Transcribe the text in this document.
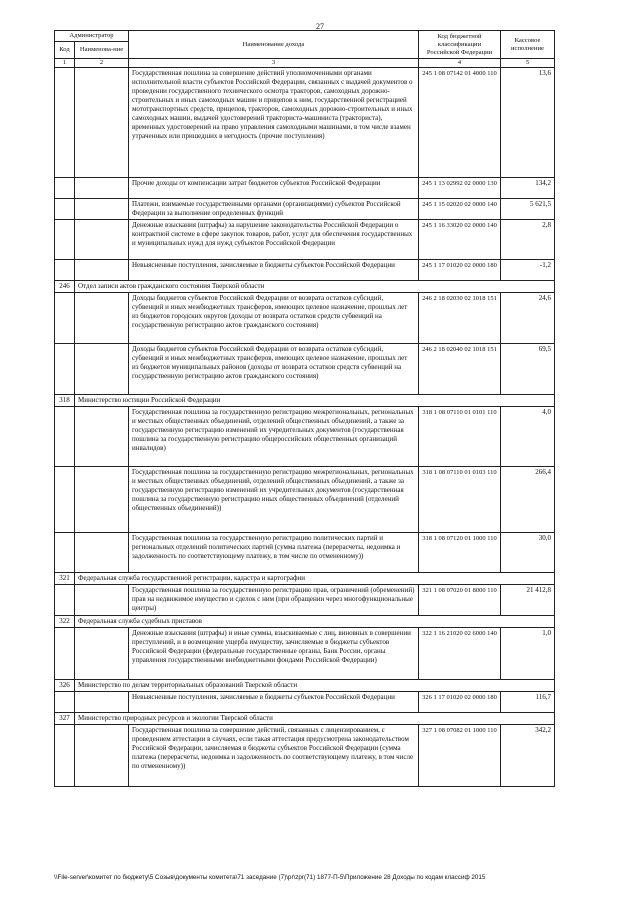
27
Администратор		Наименование дохода	Код бюджетной классификации Российской Федерации	Кассовое исполнение
Код	Наименова-ние			
1	2	3	4	5
		Государственная пошлина за совершение действий уполномоченными органами исполнительной власти субъектов Российской Федерации, связанных с выдачей документов о проведении государственного технического осмотра тракторов, самоходных дорожно-строительных и иных самоходных машин и прицепов к ним, государственной регистрацией мототранспортных средств, прицепов, тракторов, самоходных дорожно-строительных и иных самоходных машин, выдачей удостоверений тракториста-машиниста (тракториста), временных удостоверений на право управления самоходными машинами, в том числе взамен утраченных или пришедших в негодность (прочие поступления)	245 1 08 07142 01 4000 110	13,6
		Прочие доходы от компенсации затрат бюджетов субъектов Российской Федерации	245 1 13 02992 02 0000 130	134,2
		Платежи, взимаемые государственными органами (организациями) субъектов Российской Федерации за выполнение определенных функций	245 1 15 02020 02 0000 140	5 621,5
		Денежные взыскания (штрафы) за нарушение законодательства Российской Федерации о контрактной системе в сфере закупок товаров, работ, услуг для обеспечения государственных и муниципальных нужд для нужд субъектов Российской Федерации	245 1 16 33020 02 0000 140	2,8
		Невыясненные поступления, зачисляемые в бюджеты субъектов Российской Федерации	245 1 17 01020 02 0000 180	-1,2
246	Отдел записи актов гражданского состояния Тверской области			
		Доходы бюджетов субъектов Российской Федерации от возврата остатков субсидий, субвенций и иных межбюджетных трансферов, имеющих целевое назначение, прошлых лет из бюджетов городских округов (доходы от возврата остатков средств субвенций на государственную регистрацию актов гражданского состояния)	246 2 18 02030 02 1018 151	24,6
		Доходы бюджетов субъектов Российской Федерации от возврата остатков субсидий, субвенций и иных межбюджетных трансферов, имеющих целевое назначение, прошлых лет из бюджетов муниципальных районов (доходы от возврата остатков средств субвенций на государственную регистрацию актов гражданского состояния)	246 2 18 02040 02 1018 151	69,5
318	Министерство юстиции Российской Федерации			
		Государственная пошлина за государственную регистрацию межрегиональных, региональных и местных общественных объединений, отделений общественных объединений, а также за государственную регистрацию изменений их учредительных документов (государственная пошлина за государственную регистрацию общероссийских общественных организаций инвалидов)	318 1 08 07110 01 0101 110	4,0
		Государственная пошлина за государственную регистрацию межрегиональных, региональных и местных общественных объединений, отделений общественных объединений, а также за государственную регистрацию изменений их учредительных документов (государственная пошлина за государственную регистрацию иных общественных объединений (отделений общественных объединений))	318 1 08 07110 01 0103 110	266,4
		Государственная пошлина за государственную регистрацию политических партий и региональных отделений политических партий (сумма платежа (перерасчеты, недоимка и задолженность по соответствующему платежу, в том числе по отмененному))	318 1 08 07120 01 1000 110	30,0
321	Федеральная служба государственной регистрации, кадастра и картографии			
		Государственная пошлина за государственную регистрацию прав, ограничений (обременений) прав на недвижимое имущество и сделок с ним (при обращении через многофункциональные центры)	321 1 08 07020 01 8000 110	21 412,8
322	Федеральная служба судебных приставов			
		Денежные взыскания (штрафы) и иные суммы, взыскиваемые с лиц, виновных в совершении преступлений, и в возмещение ущерба имуществу, зачисляемые в бюджеты субъектов Российской Федерации (федеральные государственные органы, Банк России, органы управления государственными внебюджетными фондами Российской Федерации)	322 1 16 21020 02 6000 140	1,0
326	Министерство по делам территориальных образований Тверской области			
		Невыясненные поступления, зачисляемые в бюджеты субъектов Российской Федерации	326 1 17 01020 02 0000 180	116,7
327	Министерство природных ресурсов и экологии Тверской области			
		Государственная пошлина за совершение действий, связанных с лицензированием, с проведением аттестации в случаях, если такая аттестация предусмотрена законодательством Российской Федерации, зачисляемая в бюджеты субъектов Российской Федерации (сумма платежа (перерасчеты, недоимка и задолженность по соответствующему платежу, в том числе по отмененному))	327 1 08 07082 01 1000 110	342,2
\\File-server\комитет по бюджету\5 Созыв\документы комитета\71 заседание (7)\pr\zpr(71) 1877-П-5\Приложение 28 Доходы по кодам классиф 2015
